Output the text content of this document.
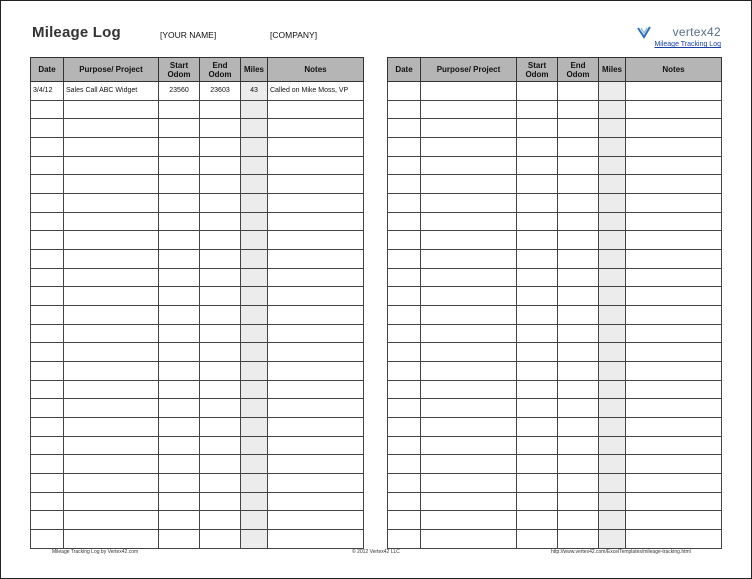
Mileage Log	[YOUR NAME]	[COMPANY]	vertex42
Mileage Tracking Log
Date	Purpose/ Project	Start Odom	End Odom	Miles	Notes
3/4/12	Sales Call ABC Widget	23560	23603	43	Called on Mike Moss, VP

Date	Purpose/ Project	Start Odom	End Odom	Miles	Notes

Mileage Tracking Log by Vertex42.com	© 2012 Vertex42 LLC	http://www.vertex42.com/ExcelTemplates/mileage-tracking.html
